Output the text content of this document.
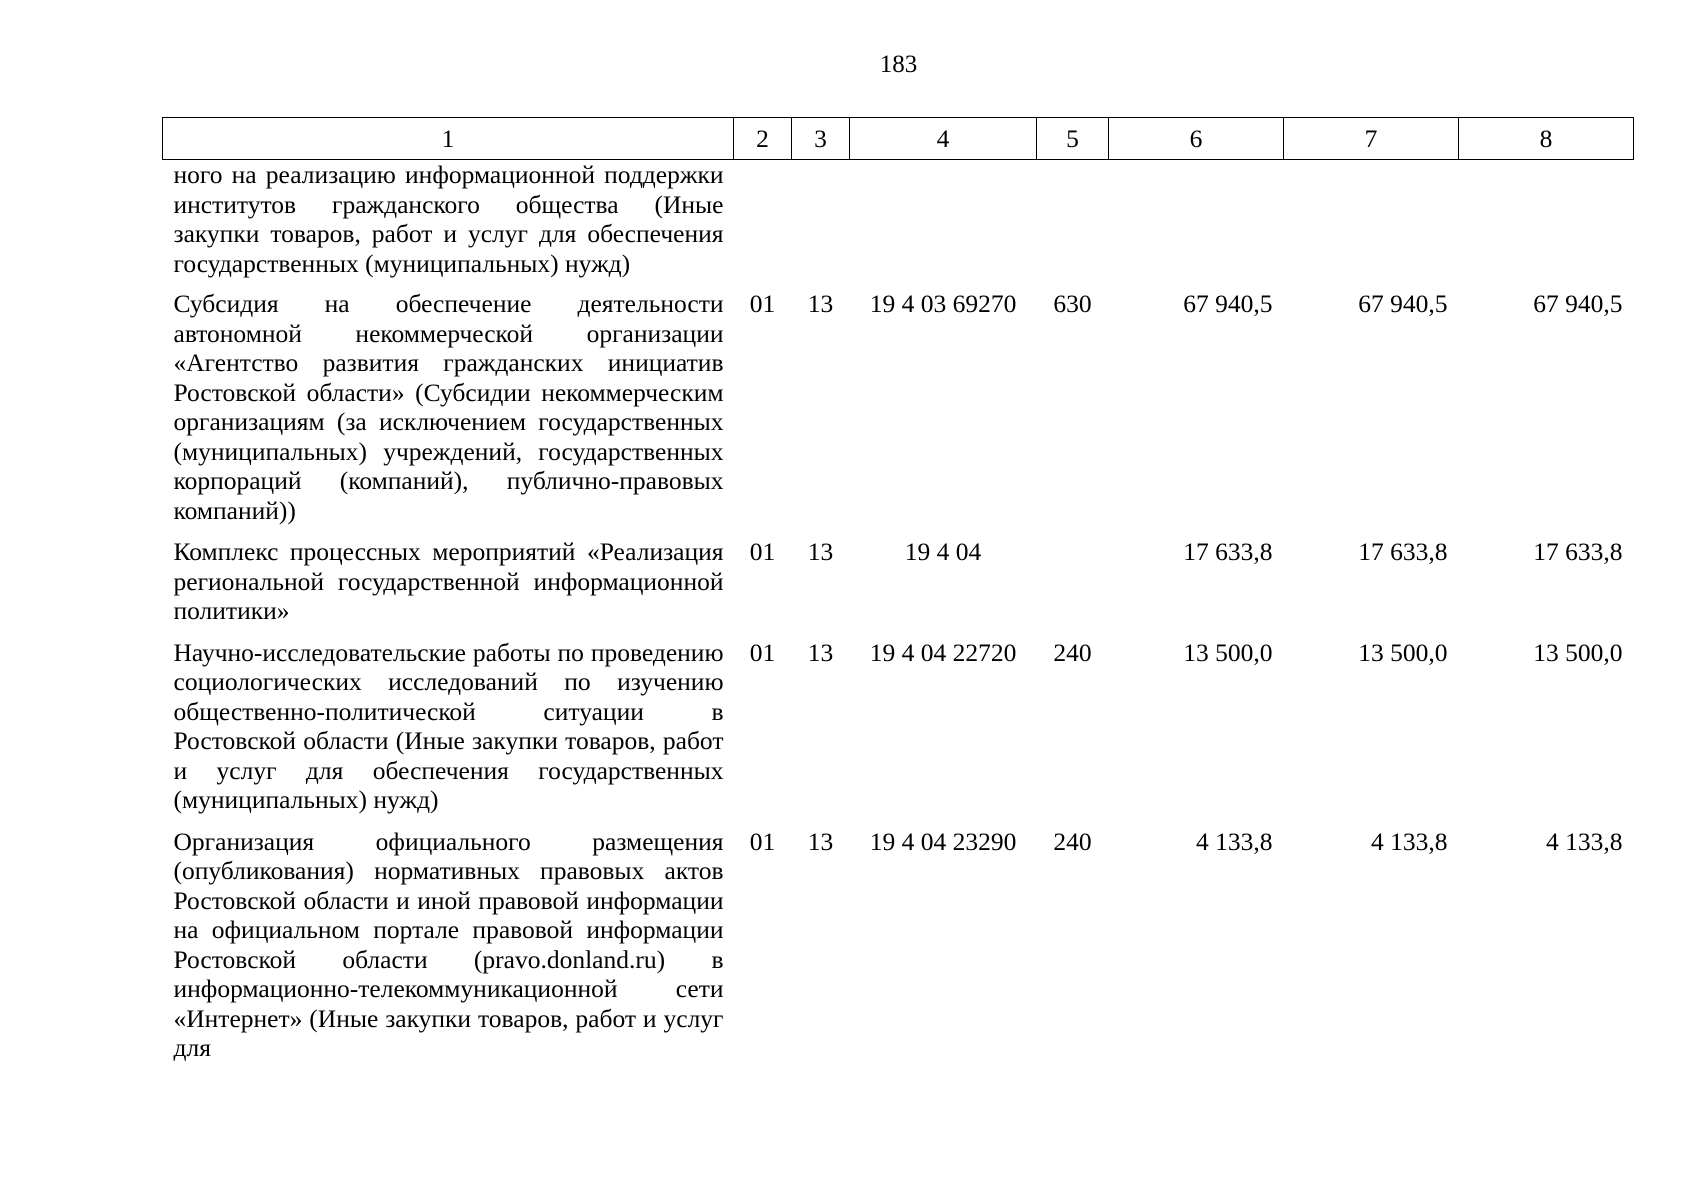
183
1	2	3	4	5	6	7	8
ного на реализацию информационной поддержки институтов гражданского общества (Иные закупки товаров, работ и услуг для обеспечения государственных (муниципальных) нужд)							
Субсидия на обеспечение деятельности автономной некоммерческой организации «Агентство развития гражданских инициатив Ростовской области» (Субсидии некоммерческим организациям (за исключением государственных (муниципальных) учреждений, государственных корпораций (компаний), публично-правовых компаний))	01	13	19 4 03 69270	630	67 940,5	67 940,5	67 940,5
Комплекс процессных мероприятий «Реализация региональной государственной информационной политики»	01	13	19 4 04		17 633,8	17 633,8	17 633,8
Научно-исследовательские работы по проведению социологических исследований по изучению общественно-политической ситуации в Ростовской области (Иные закупки товаров, работ и услуг для обеспечения государственных (муниципальных) нужд)	01	13	19 4 04 22720	240	13 500,0	13 500,0	13 500,0
Организация официального размещения (опубликования) нормативных правовых актов Ростовской области и иной правовой информации на официальном портале правовой информации Ростовской области (pravo.donland.ru) в информационно-телекоммуникационной сети «Интернет» (Иные закупки товаров, работ и услуг для	01	13	19 4 04 23290	240	4 133,8	4 133,8	4 133,8
